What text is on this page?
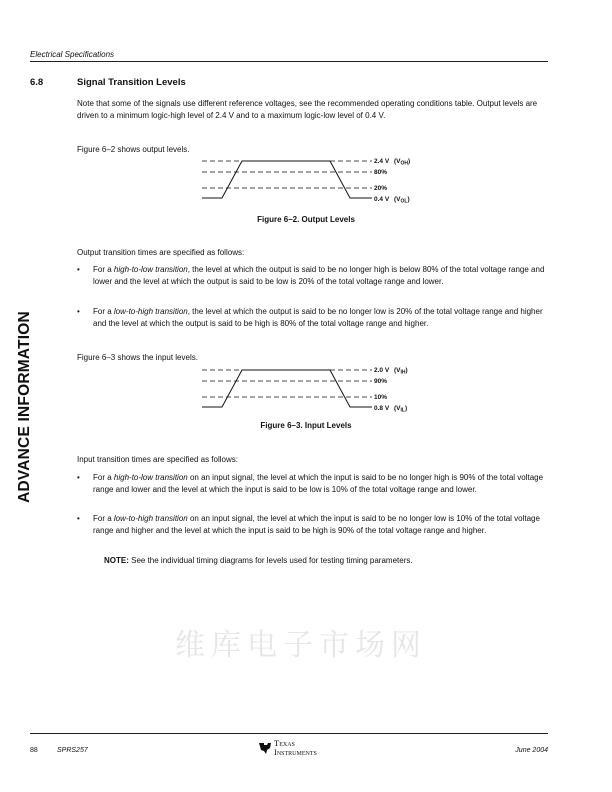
Electrical Specifications
ADVANCE INFORMATION
维库电子市场网
6.8	Signal Transition Levels
Note that some of the signals use different reference voltages, see the recommended operating conditions table. Output levels are driven to a minimum logic-high level of 2.4 V and to a maximum logic-low level of 0.4 V.
Figure 6–2 shows output levels.
2.4 V $(V_{OH})$
80%
20%
0.4 V $(V_{OL})$
Figure 6–2. Output Levels
Output transition times are specified as follows:
•	For a high-to-low transition, the level at which the output is said to be no longer high is below 80% of the total voltage range and lower and the level at which the output is said to be low is 20% of the total voltage range and lower.
•	For a low-to-high transition, the level at which the output is said to be no longer low is 20% of the total voltage range and higher and the level at which the output is said to be high is 80% of the total voltage range and higher.
Figure 6–3 shows the input levels.
2.0 V $(V_{IH})$
90%
10%
0.8 V $(V_{IL})$
Figure 6–3. Input Levels
Input transition times are specified as follows:
•	For a high-to-low transition on an input signal, the level at which the input is said to be no longer high is 90% of the total voltage range and lower and the level at which the input is said to be low is 10% of the total voltage range and lower.
•	For a low-to-high transition on an input signal, the level at which the input is said to be no longer low is 10% of the total voltage range and higher and the level at which the input is said to be high is 90% of the total voltage range and higher.
NOTE: See the individual timing diagrams for levels used for testing timing parameters.
88	SPRS257
Texas
Instruments	June 2004
